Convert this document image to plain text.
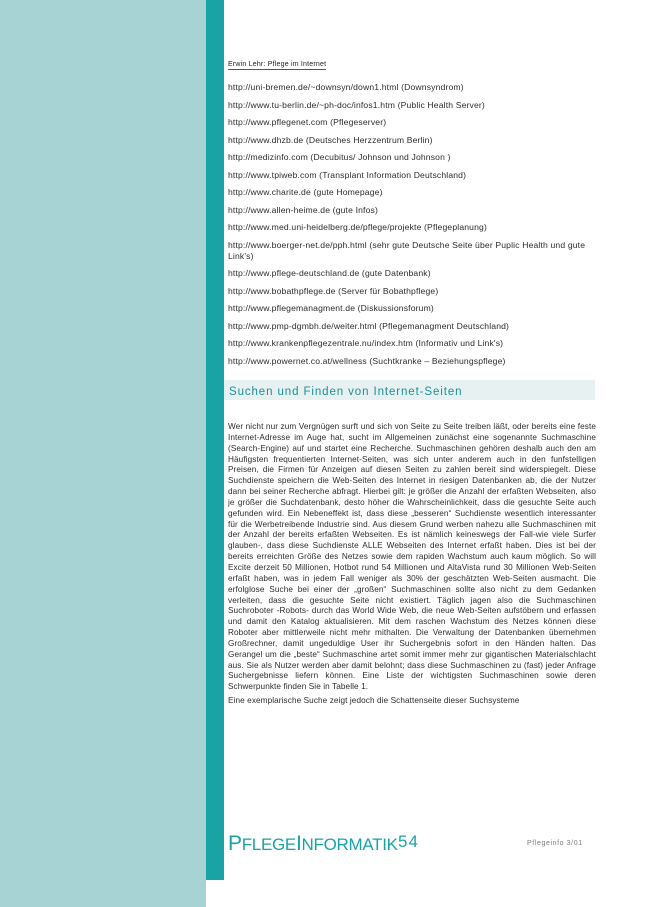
Erwin Lehr: Pflege im Internet
http://uni-bremen.de/~downsyn/down1.html (Downsyndrom)
http://www.tu-berlin.de/~ph-doc/infos1.htm (Public Health Server)
http://www.pflegenet.com (Pflegeserver)
http://www.dhzb.de (Deutsches Herzzentrum Berlin)
http://medizinfo.com (Decubitus/ Johnson und Johnson )
http://www.tpiweb.com (Transplant Information Deutschland)
http://www.charite.de (gute Homepage)
http://www.allen-heime.de (gute Infos)
http://www.med.uni-heidelberg.de/pflege/projekte (Pflegeplanung)
http://www.boerger-net.de/pph.html (sehr gute Deutsche Seite über Puplic Health und gute Link's)
http://www.pflege-deutschland.de (gute Datenbank)
http://www.bobathpflege.de (Server für Bobathpflege)
http://www.pflegemanagment.de (Diskussionsforum)
http://www.pmp-dgmbh.de/weiter.html (Pflegemanagment Deutschland)
http://www.krankenpflegezentrale.nu/index.htm (Informativ und Link's)
http://www.powernet.co.at/wellness (Suchtkranke – Beziehungspflege)
Suchen und Finden von Internet-Seiten

Wer nicht nur zum Vergnügen surft und sich von Seite zu Seite treiben läßt, oder bereits eine feste Internet-Adresse im Auge hat, sucht im Allgemeinen zunächst eine sogenannte Suchmaschine (Search-Engine) auf und startet eine Recherche. Suchmaschinen gehören deshalb auch den am Häufigsten frequentierten Internet-Seiten, was sich unter anderem auch in den funfstelligen Preisen, die Firmen für Anzeigen auf diesen Seiten zu zahlen bereit sind widerspiegelt. Diese Suchdienste speichern die Web-Seiten des Internet in riesigen Datenbanken ab, die der Nutzer dann bei seiner Recherche abfragt. Hierbei gilt: je größer die Anzahl der erfaßten Webseiten, also je größer die Suchdatenbank, desto höher die Wahrscheinlichkeit, dass die gesuchte Seite auch gefunden wird. Ein Nebeneffekt ist, dass diese „besseren“ Suchdienste wesentlich interessanter für die Werbetreibende Industrie sind. Aus diesem Grund werben nahezu alle Suchmaschinen mit der Anzahl der bereits erfaßten Webseiten. Es ist nämlich keineswegs der Fall-wie viele Surfer glauben-, dass diese Suchdienste ALLE Webseiten des Internet erfaßt haben. Dies ist bei der bereits erreichten Größe des Netzes sowie dem rapiden Wachstum auch kaum möglich. So will Excite derzeit 50 Millionen, Hotbot rund 54 Millionen und AltaVista rund 30 Millionen Web-Seiten erfaßt haben, was in jedem Fall weniger als 30% der geschätzten Web-Seiten ausmacht. Die erfolglose Suche bei einer der „großen“ Suchmaschinen sollte also nicht zu dem Gedanken verleiten, dass die gesuchte Seite nicht existiert. Täglich jagen also die Suchmaschinen Suchroboter -Robots- durch das World Wide Web, die neue Web-Seiten aufstöbern und erfassen und damit den Katalog aktualisieren. Mit dem raschen Wachstum des Netzes können diese Roboter aber mittlerweile nicht mehr mithalten. Die Verwaltung der Datenbanken übernehmen Großrechner, damit ungeduldige User ihr Suchergebnis sofort in den Händen halten. Das Gerangel um die „beste“ Suchmaschine artet somit immer mehr zur gigantischen Materialschlacht aus. Sie als Nutzer werden aber damit belohnt; dass diese Suchmaschinen zu (fast) jeder Anfrage Suchergebnisse liefern können. Eine Liste der wichtigsten Suchmaschinen sowie deren Schwerpunkte finden Sie in Tabelle 1.

Eine exemplarische Suche zeigt jedoch die Schattenseite dieser Suchsysteme

PFLEGEINFORMATIK 54	Pflegeinfo 3/01
